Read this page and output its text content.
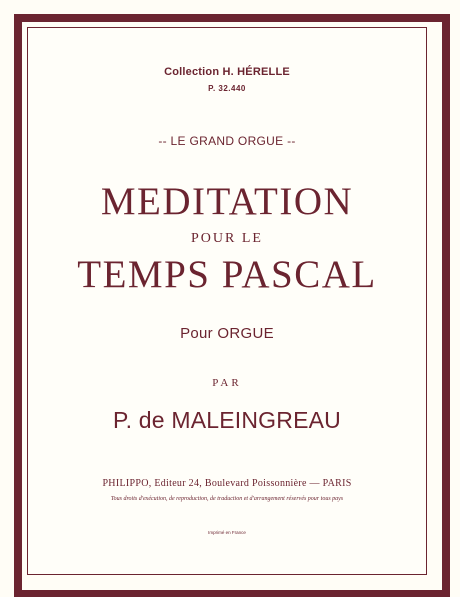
Collection H. HÉRELLE
P. 32.440
-- LE GRAND ORGUE --
MEDITATION
POUR LE
TEMPS PASCAL
Pour ORGUE
PAR
P. de MALEINGREAU
PHILIPPO, Editeur 24, Boulevard Poissonnière — PARIS
Tous droits d'exécution, de reproduction, de traduction et d'arrangement réservés pour tous pays
Imprimé en France
